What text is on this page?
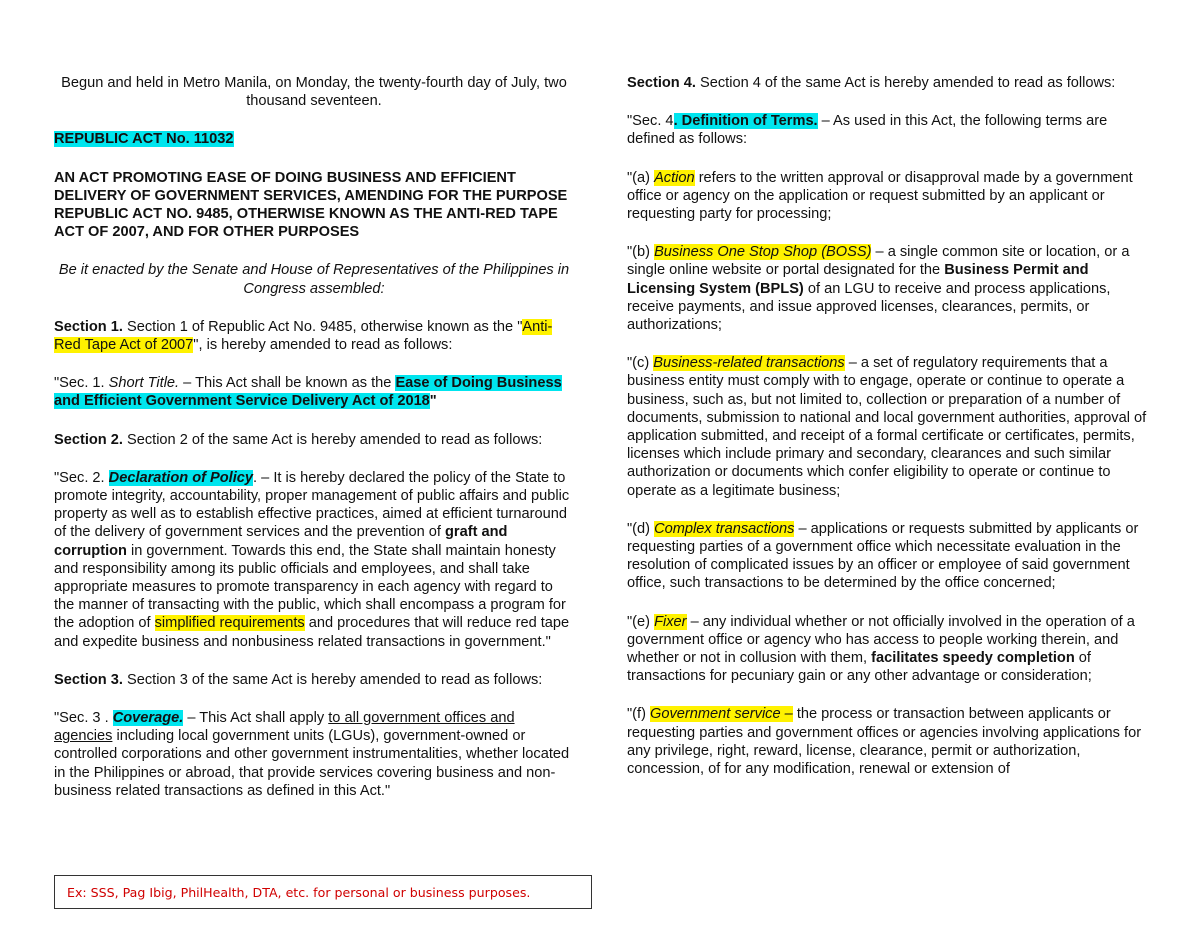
Begun and held in Metro Manila, on Monday, the twenty-fourth day of July, two thousand seventeen.

REPUBLIC ACT No. 11032

AN ACT PROMOTING EASE OF DOING BUSINESS AND EFFICIENT DELIVERY OF GOVERNMENT SERVICES, AMENDING FOR THE PURPOSE REPUBLIC ACT NO. 9485, OTHERWISE KNOWN AS THE ANTI-RED TAPE ACT OF 2007, AND FOR OTHER PURPOSES

Be it enacted by the Senate and House of Representatives of the Philippines in Congress assembled:

Section 1. Section 1 of Republic Act No. 9485, otherwise known as the "Anti-Red Tape Act of 2007", is hereby amended to read as follows:

"Sec. 1. Short Title. – This Act shall be known as the Ease of Doing Business and Efficient Government Service Delivery Act of 2018"

Section 2. Section 2 of the same Act is hereby amended to read as follows:

"Sec. 2. Declaration of Policy. – It is hereby declared the policy of the State to promote integrity, accountability, proper management of public affairs and public property as well as to establish effective practices, aimed at efficient turnaround of the delivery of government services and the prevention of graft and corruption in government. Towards this end, the State shall maintain honesty and responsibility among its public officials and employees, and shall take appropriate measures to promote transparency in each agency with regard to the manner of transacting with the public, which shall encompass a program for the adoption of simplified requirements and procedures that will reduce red tape and expedite business and nonbusiness related transactions in government."

Section 3. Section 3 of the same Act is hereby amended to read as follows:

"Sec. 3 . Coverage. – This Act shall apply to all government offices and agencies including local government units (LGUs), government-owned or controlled corporations and other government instrumentalities, whether located in the Philippines or abroad, that provide services covering business and non-business related transactions as defined in this Act."

Ex: SSS, Pag Ibig, PhilHealth, DTA, etc. for personal or business purposes.

Section 4. Section 4 of the same Act is hereby amended to read as follows:

"Sec. 4. Definition of Terms. – As used in this Act, the following terms are defined as follows:

"(a) Action refers to the written approval or disapproval made by a government office or agency on the application or request submitted by an applicant or requesting party for processing;

"(b) Business One Stop Shop (BOSS) – a single common site or location, or a single online website or portal designated for the Business Permit and Licensing System (BPLS) of an LGU to receive and process applications, receive payments, and issue approved licenses, clearances, permits, or authorizations;

"(c) Business-related transactions – a set of regulatory requirements that a business entity must comply with to engage, operate or continue to operate a business, such as, but not limited to, collection or preparation of a number of documents, submission to national and local government authorities, approval of application submitted, and receipt of a formal certificate or certificates, permits, licenses which include primary and secondary, clearances and such similar authorization or documents which confer eligibility to operate or continue to operate as a legitimate business;

"(d) Complex transactions – applications or requests submitted by applicants or requesting parties of a government office which necessitate evaluation in the resolution of complicated issues by an officer or employee of said government office, such transactions to be determined by the office concerned;

"(e) Fixer – any individual whether or not officially involved in the operation of a government office or agency who has access to people working therein, and whether or not in collusion with them, facilitates speedy completion of transactions for pecuniary gain or any other advantage or consideration;

"(f) Government service – the process or transaction between applicants or requesting parties and government offices or agencies involving applications for any privilege, right, reward, license, clearance, permit or authorization, concession, of for any modification, renewal or extension of
